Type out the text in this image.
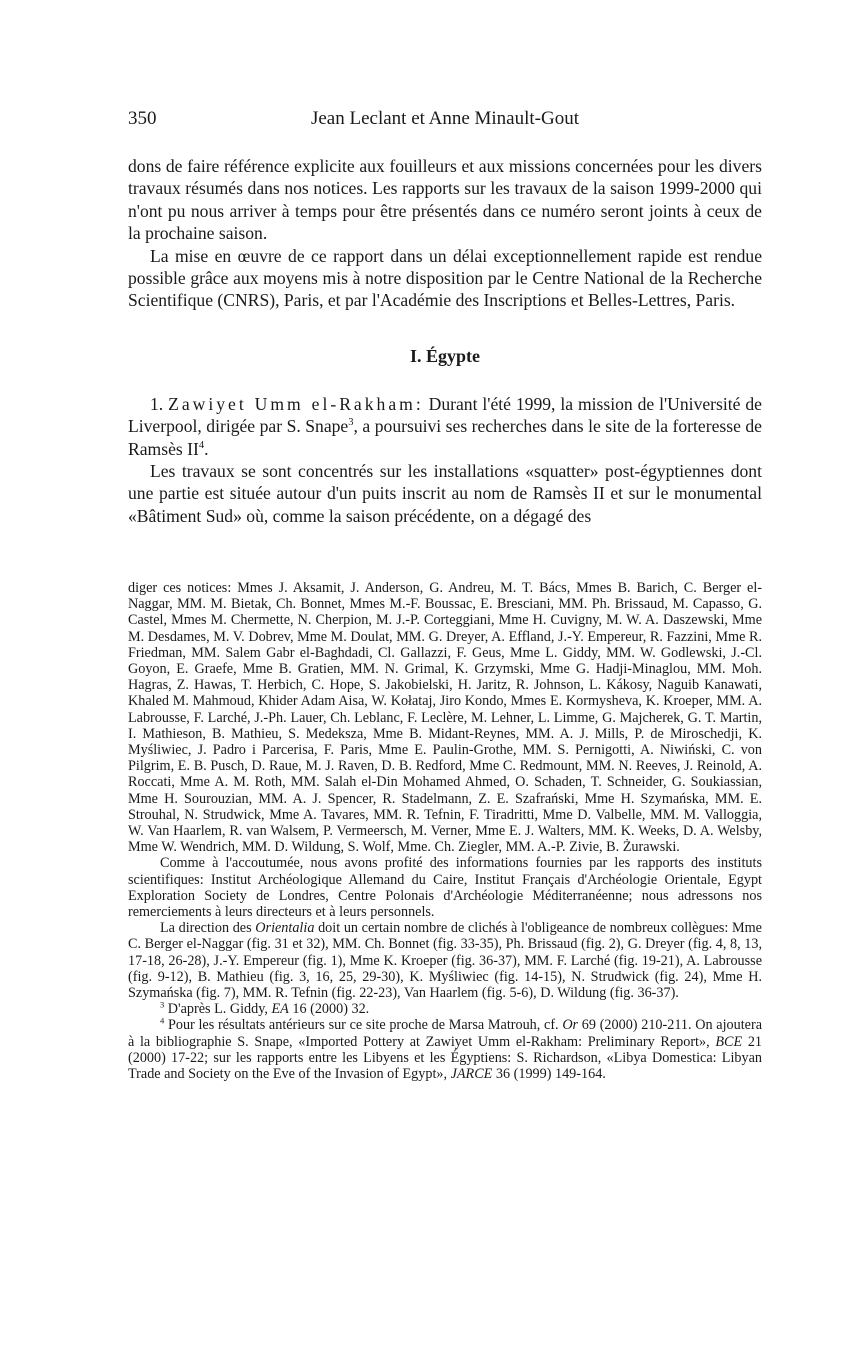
350	Jean Leclant et Anne Minault-Gout

dons de faire référence explicite aux fouilleurs et aux missions concernées pour les divers travaux résumés dans nos notices. Les rapports sur les travaux de la saison 1999-2000 qui n'ont pu nous arriver à temps pour être présentés dans ce numéro seront joints à ceux de la prochaine saison.

La mise en œuvre de ce rapport dans un délai exceptionnellement rapide est rendue possible grâce aux moyens mis à notre disposition par le Centre National de la Recherche Scientifique (CNRS), Paris, et par l'Académie des Inscriptions et Belles-Lettres, Paris.

I. Égypte

1. Zawiyet Umm el-Rakham: Durant l'été 1999, la mission de l'Université de Liverpool, dirigée par S. Snape$^3$, a poursuivi ses recherches dans le site de la forteresse de Ramsès $II^4$.

Les travaux se sont concentrés sur les installations «squatter» post-égyptiennes dont une partie est située autour d'un puits inscrit au nom de Ramsès II et sur le monumental «Bâtiment Sud» où, comme la saison précédente, on a dégagé des

diger ces notices: Mmes J. Aksamit, J. Anderson, G. Andreu, M. T. Bács, Mmes B. Barich, C. Berger el-Naggar, MM. M. Bietak, Ch. Bonnet, Mmes M.-F. Boussac, E. Bresciani, MM. Ph. Brissaud, M. Capasso, G. Castel, Mmes M. Chermette, N. Cherpion, M. J.-P. Corteggiani, Mme H. Cuvigny, M. W. A. Daszewski, Mme M. Desdames, M. V. Dobrev, Mme M. Doulat, MM. G. Dreyer, A. Effland, J.-Y. Empereur, R. Fazzini, Mme R. Friedman, MM. Salem Gabr el-Baghdadi, Cl. Gallazzi, F. Geus, Mme L. Giddy, MM. W. Godlewski, J.-Cl. Goyon, E. Graefe, Mme B. Gratien, MM. N. Grimal, K. Grzymski, Mme G. Hadji-Minaglou, MM. Moh. Hagras, Z. Hawas, T. Herbich, C. Hope, S. Jakobielski, H. Jaritz, R. Johnson, L. Kákosy, Naguib Kanawati, Khaled M. Mahmoud, Khider Adam Aisa, W. Kołataj, Jiro Kondo, Mmes E. Kormysheva, K. Kroeper, MM. A. Labrousse, F. Larché, J.-Ph. Lauer, Ch. Leblanc, F. Leclère, M. Lehner, L. Limme, G. Majcherek, G. T. Martin, I. Mathieson, B. Mathieu, S. Medeksza, Mme B. Midant-Reynes, MM. A. J. Mills, P. de Miroschedji, K. Myśliwiec, J. Padro i Parcerisa, F. Paris, Mme E. Paulin-Grothe, MM. S. Pernigotti, A. Niwiński, C. von Pilgrim, E. B. Pusch, D. Raue, M. J. Raven, D. B. Redford, Mme C. Redmount, MM. N. Reeves, J. Reinold, A. Roccati, Mme A. M. Roth, MM. Salah el-Din Mohamed Ahmed, O. Schaden, T. Schneider, G. Soukiassian, Mme H. Sourouzian, MM. A. J. Spencer, R. Stadelmann, Z. E. Szafrański, Mme H. Szymańska, MM. E. Strouhal, N. Strudwick, Mme A. Tavares, MM. R. Tefnin, F. Tiradritti, Mme D. Valbelle, MM. M. Valloggia, W. Van Haarlem, R. van Walsem, P. Vermeersch, M. Verner, Mme E. J. Walters, MM. K. Weeks, D. A. Welsby, Mme W. Wendrich, MM. D. Wildung, S. Wolf, Mme. Ch. Ziegler, MM. A.-P. Zivie, B. Żurawski.

Comme à l'accoutumée, nous avons profité des informations fournies par les rapports des instituts scientifiques: Institut Archéologique Allemand du Caire, Institut Français d'Archéologie Orientale, Egypt Exploration Society de Londres, Centre Polonais d'Archéologie Méditerranéenne; nous adressons nos remerciements à leurs directeurs et à leurs personnels.

La direction des Orientalia doit un certain nombre de clichés à l'obligeance de nombreux collègues: Mme C. Berger el-Naggar (fig. 31 et 32), MM. Ch. Bonnet (fig. 33-35), Ph. Brissaud (fig. 2), G. Dreyer (fig. 4, 8, 13, 17-18, 26-28), J.-Y. Empereur (fig. 1), Mme K. Kroeper (fig. 36-37), MM. F. Larché (fig. 19-21), A. Labrousse (fig. 9-12), B. Mathieu (fig. 3, 16, 25, 29-30), K. Myśliwiec (fig. 14-15), N. Strudwick (fig. 24), Mme H. Szymańska (fig. 7), MM. R. Tefnin (fig. 22-23), Van Haarlem (fig. 5-6), D. Wildung (fig. 36-37).

$^3$ D'après L. Giddy, EA 16 (2000) 32.

$^4$ Pour les résultats antérieurs sur ce site proche de Marsa Matrouh, cf. Or 69 (2000) 210-211. On ajoutera à la bibliographie S. Snape, «Imported Pottery at Zawiyet Umm el-Rakham: Preliminary Report», BCE 21 (2000) 17-22; sur les rapports entre les Libyens et les Égyptiens: S. Richardson, «Libya Domestica: Libyan Trade and Society on the Eve of the Invasion of Egypt», JARCE 36 (1999) 149-164.
